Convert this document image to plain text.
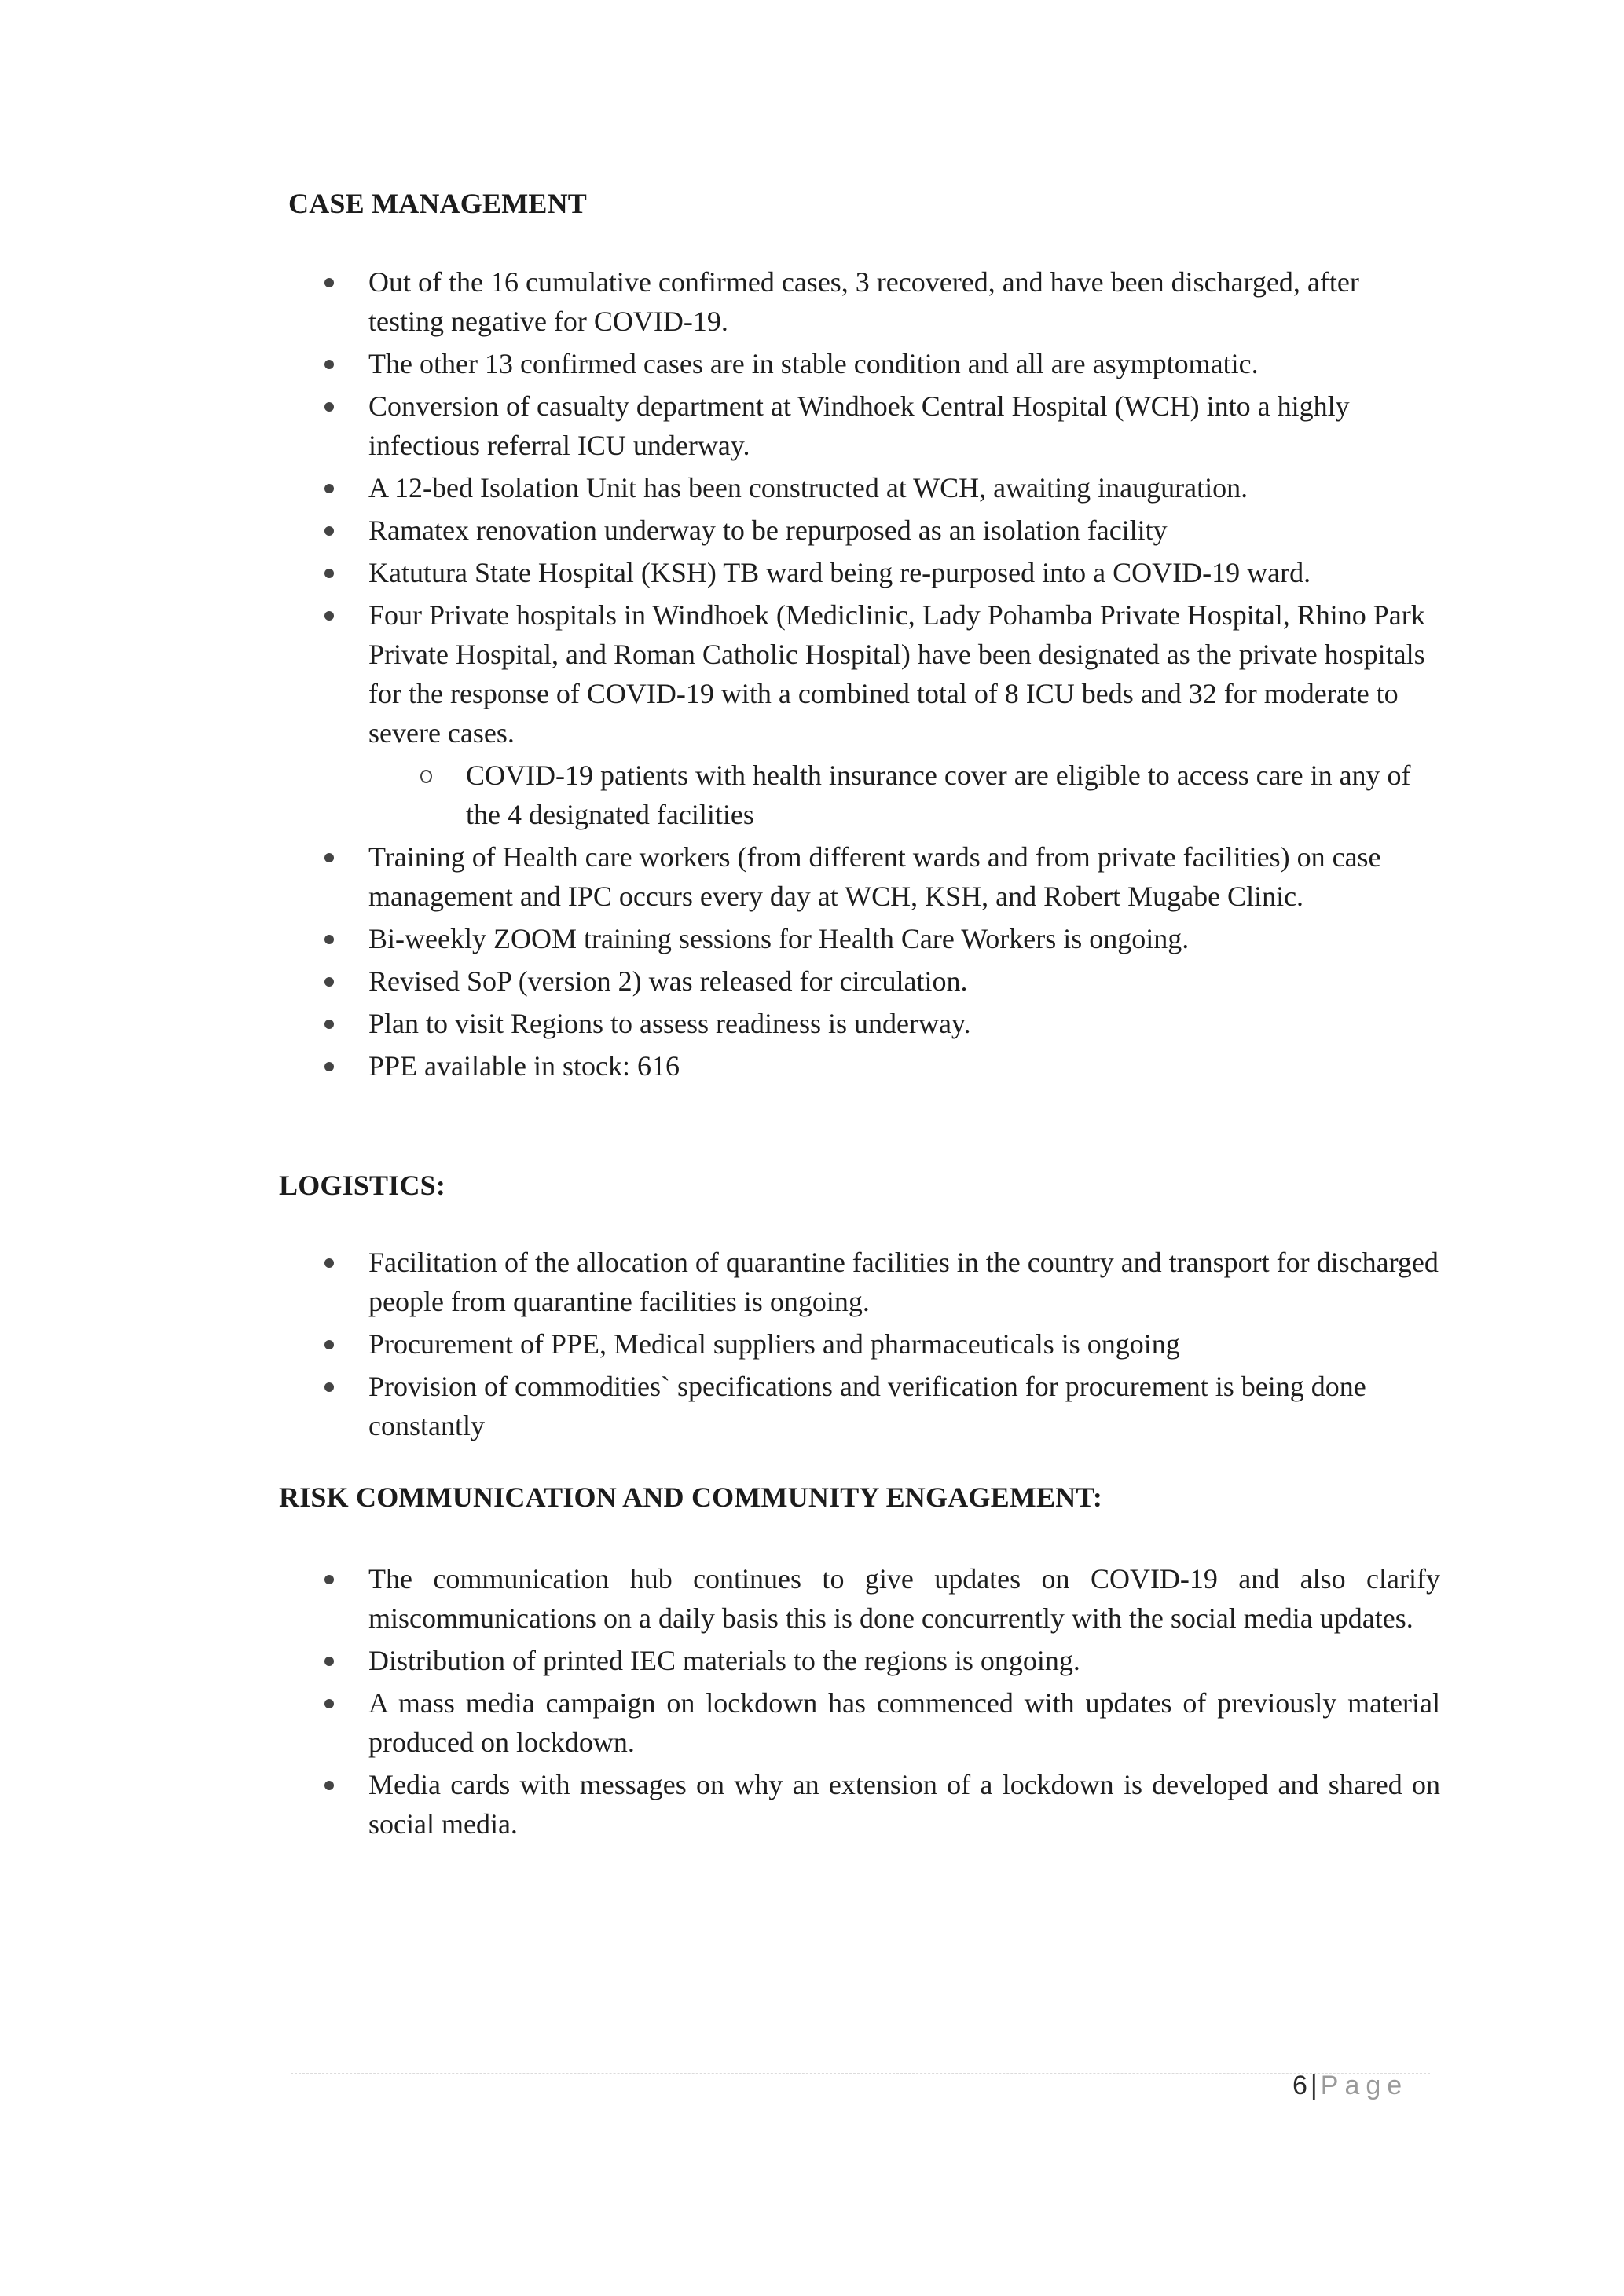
CASE MANAGEMENT
Out of the 16 cumulative confirmed cases, 3 recovered, and have been discharged, after testing negative for COVID-19.
The other 13 confirmed cases are in stable condition and all are asymptomatic.
Conversion of casualty department at Windhoek Central Hospital (WCH) into a highly infectious referral ICU underway.
A 12-bed Isolation Unit has been constructed at WCH, awaiting inauguration.
Ramatex renovation underway to be repurposed as an isolation facility
Katutura State Hospital (KSH) TB ward being re-purposed into a COVID-19 ward.
Four Private hospitals in Windhoek (Mediclinic, Lady Pohamba Private Hospital, Rhino Park Private Hospital, and Roman Catholic Hospital) have been designated as the private hospitals for the response of COVID-19 with a combined total of 8 ICU beds and 32 for moderate to severe cases.
COVID-19 patients with health insurance cover are eligible to access care in any of the 4 designated facilities
Training of Health care workers (from different wards and from private facilities) on case management and IPC occurs every day at WCH, KSH, and Robert Mugabe Clinic.
Bi-weekly ZOOM training sessions for Health Care Workers is ongoing.
Revised SoP (version 2) was released for circulation.
Plan to visit Regions to assess readiness is underway.
PPE available in stock: 616
LOGISTICS:
Facilitation of the allocation of quarantine facilities in the country and transport for discharged people from quarantine facilities is ongoing.
Procurement of PPE, Medical suppliers and pharmaceuticals is ongoing
Provision of commodities` specifications and verification for procurement is being done constantly
RISK COMMUNICATION AND COMMUNITY ENGAGEMENT:
The communication hub continues to give updates on COVID-19 and also clarify miscommunications on a daily basis this is done concurrently with the social media updates.
Distribution of printed IEC materials to the regions is ongoing.
A mass media campaign on lockdown has commenced with updates of previously material produced on lockdown.
Media cards with messages on why an extension of a lockdown is developed and shared on social media.
6 | Page
